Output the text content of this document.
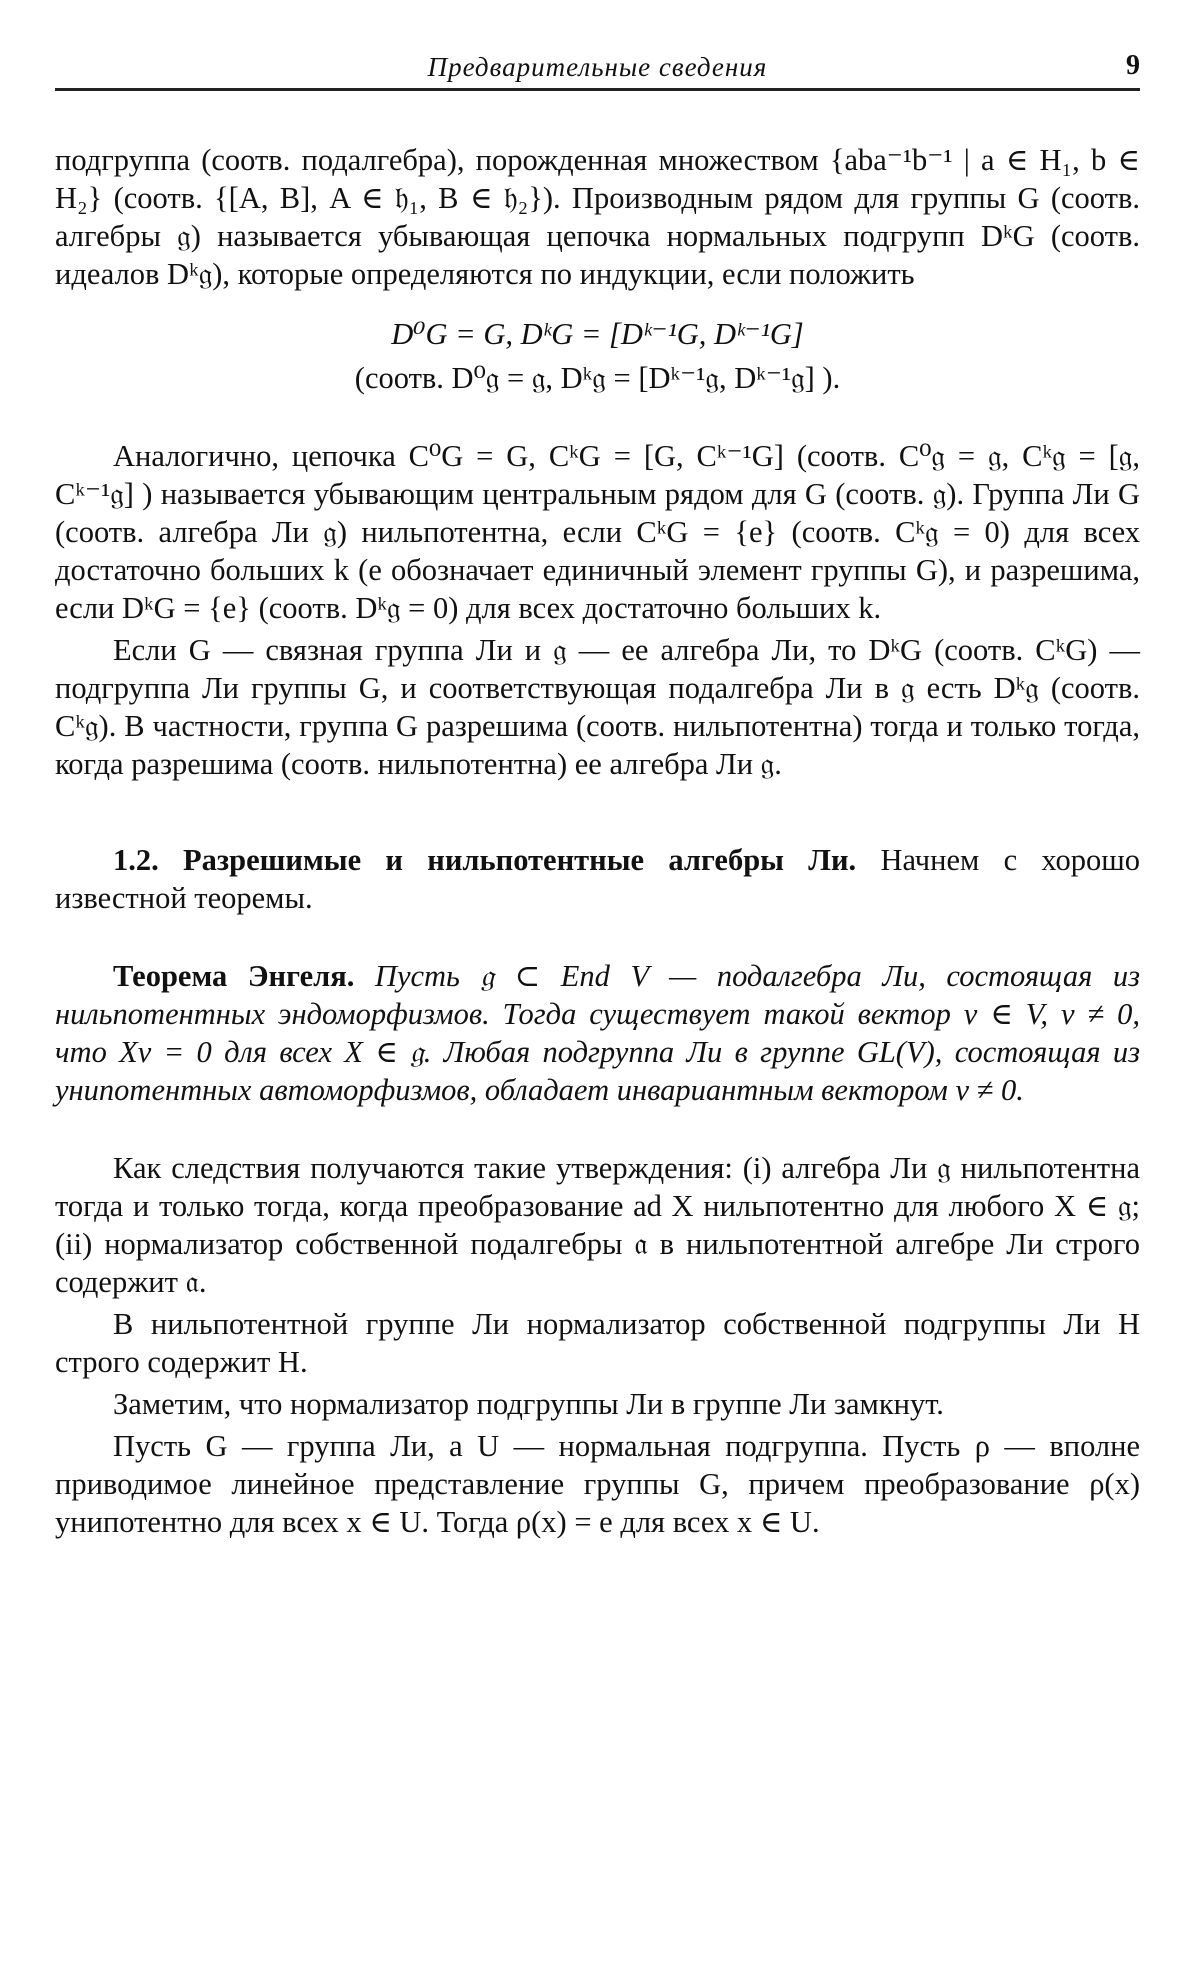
Предварительные сведения	9

подгруппа (соотв. подалгебра), порожденная множеством {aba⁻¹b⁻¹ | a ∈ H₁, b ∈ H₂} (соотв. {[A, B], A ∈ 𝔥₁, B ∈ 𝔥₂}). Производным рядом для группы G (соотв. алгебры 𝔤) называется убывающая цепочка нормальных подгрупп DᵏG (соотв. идеалов Dᵏ𝔤), которые определяются по индукции, если положить

D⁰G = G, DᵏG = [Dᵏ⁻¹G, Dᵏ⁻¹G]

(соотв. D⁰𝔤 = 𝔤, Dᵏ𝔤 = [Dᵏ⁻¹𝔤, Dᵏ⁻¹𝔤] ).

Аналогично, цепочка C⁰G = G, CᵏG = [G, Cᵏ⁻¹G] (соотв. C⁰𝔤 = 𝔤, Cᵏ𝔤 = [𝔤, Cᵏ⁻¹𝔤] ) называется убывающим центральным рядом для G (соотв. 𝔤). Группа Ли G (соотв. алгебра Ли 𝔤) нильпотентна, если CᵏG = {e} (соотв. Cᵏ𝔤 = 0) для всех достаточно больших k (e обозначает единичный элемент группы G), и разрешима, если DᵏG = {e} (соотв. Dᵏ𝔤 = 0) для всех достаточно больших k.

Если G — связная группа Ли и 𝔤 — ее алгебра Ли, то DᵏG (соотв. CᵏG) — подгруппа Ли группы G, и соответствующая подалгебра Ли в 𝔤 есть Dᵏ𝔤 (соотв. Cᵏ𝔤). В частности, группа G разрешима (соотв. нильпотентна) тогда и только тогда, когда разрешима (соотв. нильпотентна) ее алгебра Ли 𝔤.

1.2. Разрешимые и нильпотентные алгебры Ли. Начнем с хорошо известной теоремы.

Теорема Энгеля. Пусть 𝔤 ⊂ End V — подалгебра Ли, состоящая из нильпотентных эндоморфизмов. Тогда существует такой вектор v ∈ V, v ≠ 0, что Xv = 0 для всех X ∈ 𝔤. Любая подгруппа Ли в группе GL(V), состоящая из унипотентных автоморфизмов, обладает инвариантным вектором v ≠ 0.

Как следствия получаются такие утверждения: (i) алгебра Ли 𝔤 нильпотентна тогда и только тогда, когда преобразование ad X нильпотентно для любого X ∈ 𝔤; (ii) нормализатор собственной подалгебры 𝔞 в нильпотентной алгебре Ли строго содержит 𝔞.

В нильпотентной группе Ли нормализатор собственной подгруппы Ли H строго содержит H.

Заметим, что нормализатор подгруппы Ли в группе Ли замкнут.

Пусть G — группа Ли, а U — нормальная подгруппа. Пусть ρ — вполне приводимое линейное представление группы G, причем преобразование ρ(x) унипотентно для всех x ∈ U. Тогда ρ(x) = e для всех x ∈ U.
